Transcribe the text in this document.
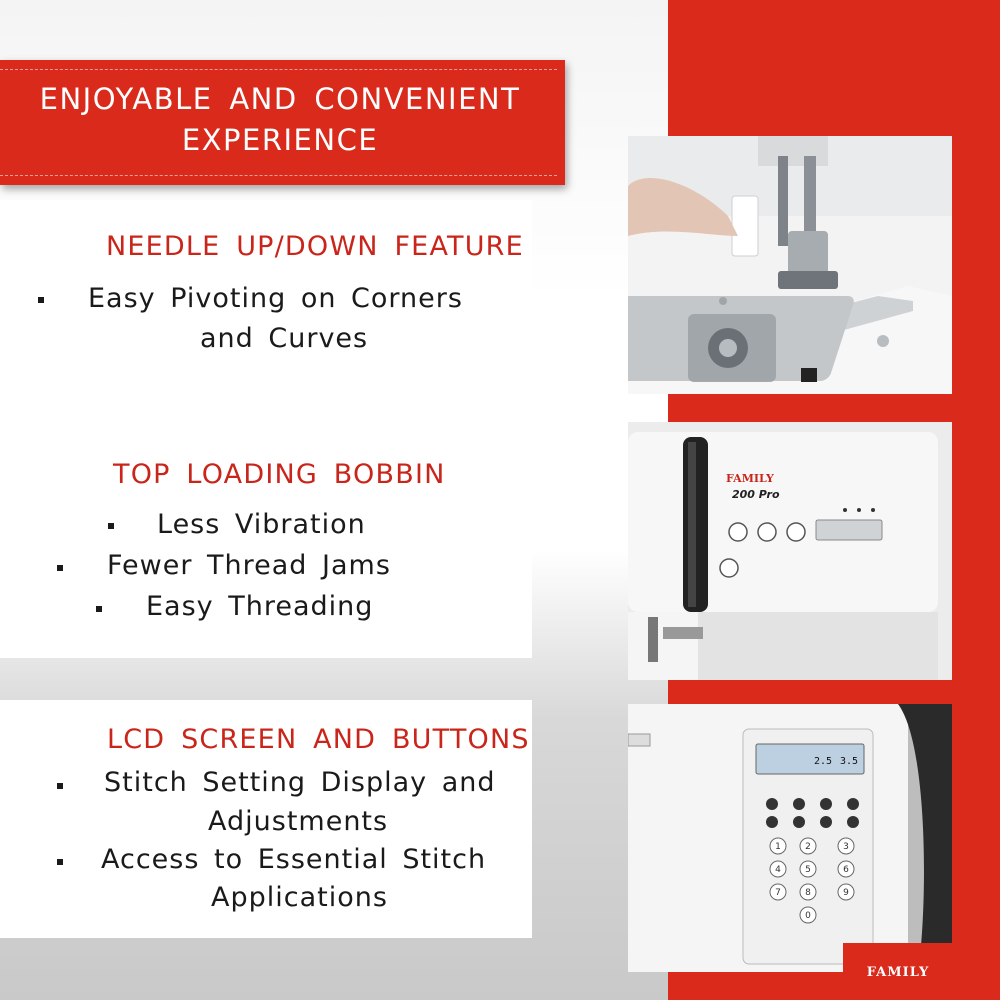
ENJOYABLE AND CONVENIENT
EXPERIENCE
NEEDLE UP/DOWN FEATURE
Easy Pivoting on Corners
and Curves
TOP LOADING BOBBIN
Less Vibration
Fewer Thread Jams
Easy Threading
LCD SCREEN AND BUTTONS
Stitch Setting Display and
Adjustments
Access to Essential Stitch
Applications
FAMILY
200 Pro
2.5 3.5
1	2	3
4	5	6
7	8	9
0
FAMILY
